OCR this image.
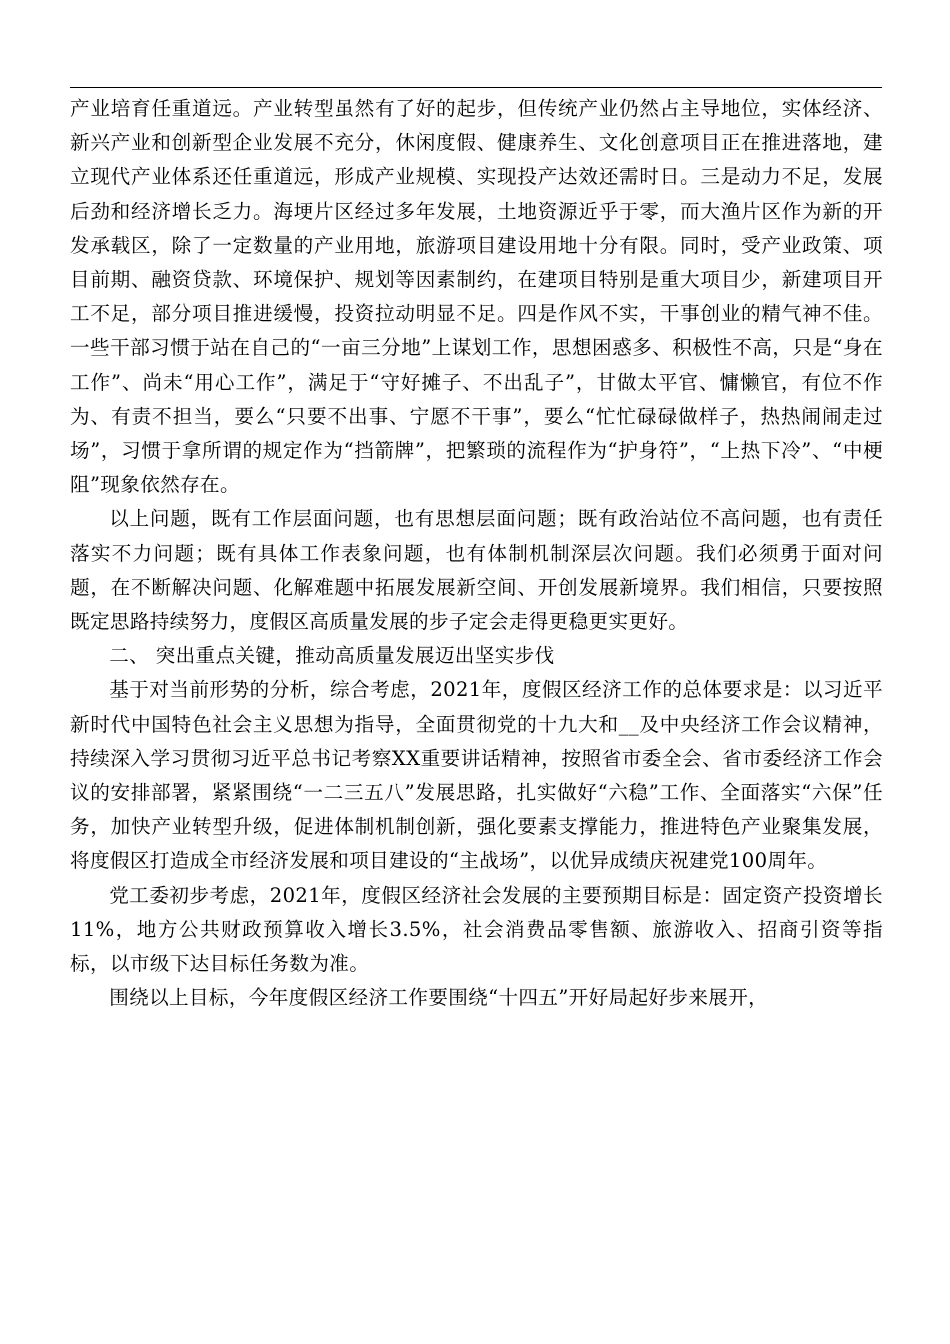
产业培育任重道远。产业转型虽然有了好的起步，但传统产业仍然占主导地位，实体经济、新兴产业和创新型企业发展不充分，休闲度假、健康养生、文化创意项目正在推进落地，建立现代产业体系还任重道远，形成产业规模、实现投产达效还需时日。三是动力不足，发展后劲和经济增长乏力。海埂片区经过多年发展，土地资源近乎于零，而大渔片区作为新的开发承载区，除了一定数量的产业用地，旅游项目建设用地十分有限。同时，受产业政策、项目前期、融资贷款、环境保护、规划等因素制约，在建项目特别是重大项目少，新建项目开工不足，部分项目推进缓慢，投资拉动明显不足。四是作风不实，干事创业的精气神不佳。一些干部习惯于站在自己的“一亩三分地”上谋划工作，思想困惑多、积极性不高，只是“身在工作”、尚未“用心工作”，满足于“守好摊子、不出乱子”，甘做太平官、慵懒官，有位不作为、有责不担当，要么“只要不出事、宁愿不干事”，要么“忙忙碌碌做样子，热热闹闹走过场”，习惯于拿所谓的规定作为“挡箭牌”，把繁琐的流程作为“护身符”，“上热下冷”、“中梗阻”现象依然存在。

以上问题，既有工作层面问题，也有思想层面问题；既有政治站位不高问题，也有责任落实不力问题；既有具体工作表象问题，也有体制机制深层次问题。我们必须勇于面对问题，在不断解决问题、化解难题中拓展发展新空间、开创发展新境界。我们相信，只要按照既定思路持续努力，度假区高质量发展的步子定会走得更稳更实更好。

二、 突出重点关键，推动高质量发展迈出坚实步伐

基于对当前形势的分析，综合考虑，2021年，度假区经济工作的总体要求是：以习近平新时代中国特色社会主义思想为指导，全面贯彻党的十九大和__及中央经济工作会议精神，持续深入学习贯彻习近平总书记考察XX重要讲话精神，按照省市委全会、省市委经济工作会议的安排部署，紧紧围绕“一二三五八”发展思路，扎实做好“六稳”工作、全面落实“六保”任务，加快产业转型升级，促进体制机制创新，强化要素支撑能力，推进特色产业聚集发展，将度假区打造成全市经济发展和项目建设的“主战场”，以优异成绩庆祝建党100周年。

党工委初步考虑，2021年，度假区经济社会发展的主要预期目标是：固定资产投资增长11%，地方公共财政预算收入增长3.5%，社会消费品零售额、旅游收入、招商引资等指标，以市级下达目标任务数为准。

围绕以上目标，今年度假区经济工作要围绕“十四五”开好局起好步来展开，
